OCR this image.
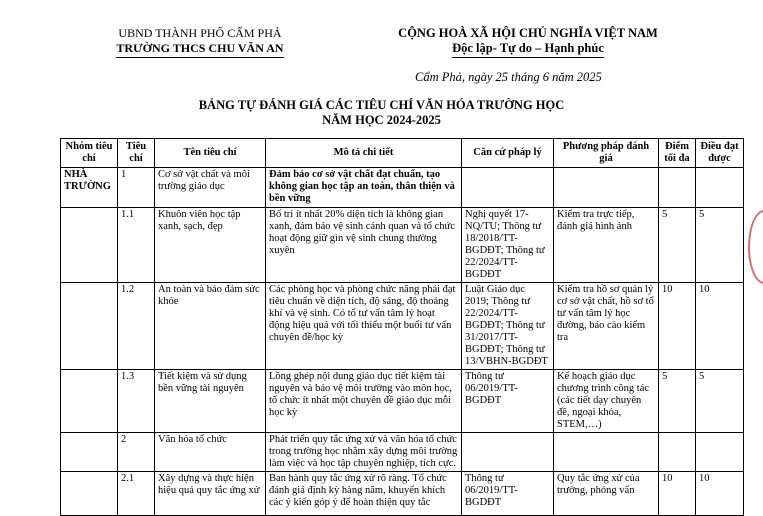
UBND THÀNH PHỐ CẨM PHẢ
TRƯỜNG THCS CHU VĂN AN
CỘNG HOÀ XÃ HỘI CHỦ NGHĨA VIỆT NAM
Độc lập- Tự do – Hạnh phúc
Cẩm Phả, ngày 25 tháng 6 năm 2025
BẢNG TỰ ĐÁNH GIÁ CÁC TIÊU CHÍ VĂN HÓA TRƯỜNG HỌC
NĂM HỌC 2024-2025
Nhóm tiêu chí	Tiêu chí	Tên tiêu chí	Mô tả chi tiết	Căn cứ pháp lý	Phương pháp đánh giá	Điểm tối đa	Điều đạt được
NHÀ TRƯỜNG	1	Cơ sở vật chất và môi trường giáo dục	Đảm bảo cơ sở vật chất đạt chuẩn, tạo không gian học tập an toàn, thân thiện và bền vững				
	1.1	Khuôn viên học tập xanh, sạch, đẹp	Bố trí ít nhất 20% diện tích là không gian xanh, đảm bảo vệ sinh cảnh quan và tổ chức hoạt động giữ gìn vệ sinh chung thường xuyên	Nghị quyết 17-NQ/TU; Thông tư 18/2018/TT-BGDĐT; Thông tư 22/2024/TT-BGDĐT	Kiểm tra trực tiếp, đánh giá hình ảnh	5	5
	1.2	An toàn và bảo đảm sức khỏe	Các phòng học và phòng chức năng phải đạt tiêu chuẩn về diện tích, độ sáng, độ thoáng khí và vệ sinh. Có tổ tư vấn tâm lý hoạt động hiệu quả với tối thiểu một buổi tư vấn chuyên đề/học kỳ	Luật Giáo dục 2019; Thông tư 22/2024/TT-BGDĐT; Thông tư 31/2017/TT-BGDĐT; Thông tư 13/VBHN-BGDĐT	Kiểm tra hồ sơ quản lý cơ sở vật chất, hồ sơ tổ tư vấn tâm lý học đường, báo cáo kiểm tra	10	10
	1.3	Tiết kiệm và sử dụng bền vững tài nguyên	Lồng ghép nội dung giáo dục tiết kiệm tài nguyên và bảo vệ môi trường vào môn học, tổ chức ít nhất một chuyên đề giáo dục mỗi học kỳ	Thông tư 06/2019/TT-BGDĐT	Kế hoạch giáo dục chương trình công tác (các tiết dạy chuyên đề, ngoại khóa, STEM,…)	5	5
	2	Văn hóa tổ chức	Phát triển quy tắc ứng xử và văn hóa tổ chức trong trường học nhằm xây dựng môi trường làm việc và học tập chuyên nghiệp, tích cực.				
	2.1	Xây dựng và thực hiện hiệu quả quy tắc ứng xử	Ban hành quy tắc ứng xử rõ ràng. Tổ chức đánh giá định kỳ hàng năm, khuyến khích các ý kiến góp ý để hoàn thiện quy tắc	Thông tư 06/2019/TT-BGDĐT	Quy tắc ứng xử của trường, phỏng vấn	10	10
